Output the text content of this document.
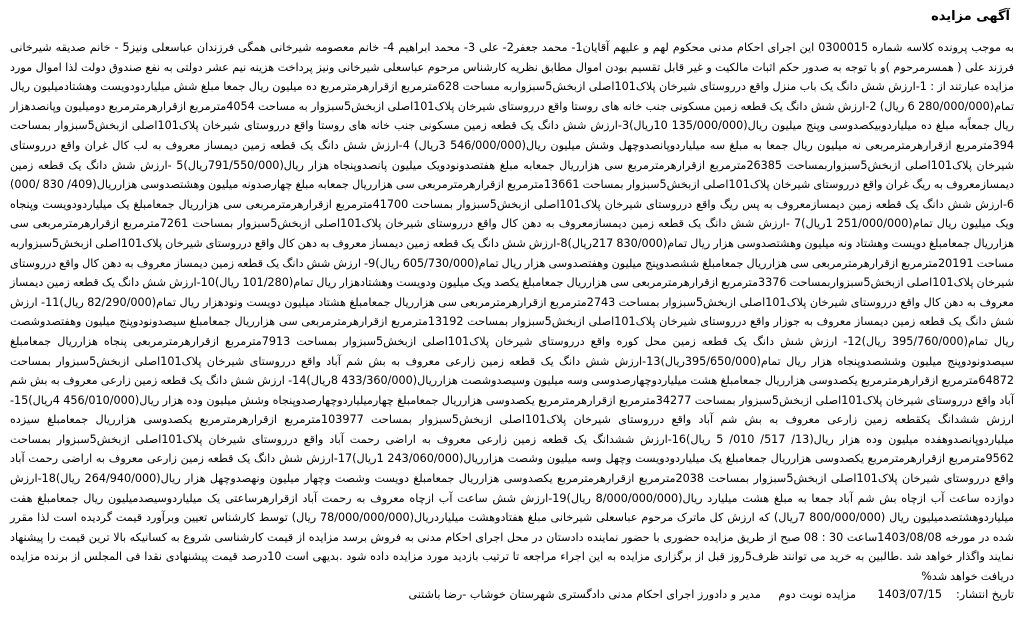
آگهی مزایده

به موجب پرونده کلاسه شماره 0300015 این اجرای احکام مدنی محکوم لهم و علیهم آقایان1- محمد جعفر2- علی 3- محمد ابراهیم 4- خانم معصومه شیرخانی همگی فرزندان عباسعلی ونیز5 - خانم صدیقه شیرخانی فرزند علی ( همسرمرحوم )و با توجه به صدور حکم اثبات مالکیت و غیر قابل تقسیم بودن اموال مطابق نظریه کارشناس مرحوم عباسعلی شیرخانی ونیز پرداخت هزینه نیم عشر دولتی به نفع صندوق دولت لذا اموال مورد مزایده عبارتند از : 1-ارزش شش دانگ یک باب منزل واقع درروستای شیرخان پلاک101اصلی ازبخش5سبزواربه مساحت 628مترمربع ازقرارهرمترمربع ده میلیون ریال جمعا مبلغ شش میلیاردودویست وهشتادمیلیون ریال تمام(280/000/000 6 ریال) 2-ارزش شش دانگ یک قطعه زمین مسکونی جنب خانه های روستا واقع درروستای شیرخان پلاک101اصلی ازبخش5سبزوار به مساحت 4054مترمربع ازقرارهرمترمربع دومیلیون وپانصدهزار ریال جمعاًبه مبلغ ده میلیاردوبیکصدوسی وپنج میلیون ریال(135/000/000 10ریال)3-ارزش شش دانگ یک قطعه زمین مسکونی جنب خانه های روستا واقع درروستای شیرخان پلاک101اصلی ازبخش5سبزوار بمساحت 394مترمربع ازقرارهرمترمربعی نه میلیون ریال جمعا به مبلغ سه میلیاردوپانصدوچهل وشش میلیون ریال(546/000/000 3ریال) 4-ارزش شش دانگ یک قطعه زمین دیمساز معروف به لب کال غران واقع درروستای شیرخان پلاک101اصلی ازبخش5سبزواربمساحت 26385مترمربع ازقرارهرمترمربع سی هزارریال جمعابه مبلغ هفتصدونودویک میلیون پانصدوپنجاه هزار ریال(791/550/000ریال)5 -ارزش شش دانگ یک قطعه زمین دیمسازمعروف به ریگ غران واقع درروستای شیرخان پلاک101اصلی ازبخش5سبزوار بمساحت 13661مترمربع ازقرارهرمترمربعی سی هزارریال جمعابه مبلغ چهارصدونه میلیون وهشتصدوسی هزارریال(409/ 830 /000) 6-ارزش شش دانگ یک قطعه زمین دیمسازمعروف به پس ریگ واقع درروستای شیرخان پلاک101اصلی ازبخش5سبزوار بمساحت 41700مترمربع ازقرارهرمترمربعی سی هزارریال جمعامبلغ یک میلیاردودویست وپنجاه ویک میلیون ریال تمام(251/000/000 1ریال)7 -ارزش شش دانگ یک قطعه زمین دیمسازمعروف به دهن کال واقع درروستای شیرخان پلاک101اصلی ازبخش5سبزوار بمساحت 7261مترمربع ازقرارهرمترمربعی سی هزارریال جمعامبلغ دویست وهشتاد ونه میلیون وهشتصدوسی هزار ریال تمام(830/000 217ریال)8-ارزش شش دانگ یک قطعه زمین دیمساز معروف به دهن کال واقع درروستای شیرخان پلاک101اصلی ازبخش5سبزواربه مساحت 20191مترمربع ازقرارهرمترمربعی سی هزارریال جمعامبلغ ششصدوپنج میلیون وهفتصدوسی هزار ریال تمام(605/730/000 ریال)9- ارزش شش دانگ یک قطعه زمین دیمساز معروف به دهن کال واقع درروستای شیرخان پلاک101اصلی ازبخش5سبزواربمساحت 3376مترمربع ازقرارهرمترمربعی سی هزارریال جمعامبلغ یکصد ویک میلیون ودویست وهشتادهزار ریال تمام(101/280 ریال)10-ارزش شش دانگ یک قطعه زمین دیمساز معروف به دهن کال واقع درروستای شیرخان پلاک101اصلی ازبخش5سبزوار بمساحت 2743مترمربع ازقرارهرمترمربعی سی هزارریال جمعامبلغ هشتاد میلیون دویست ونودهزار ریال تمام(82/290/000 ریال)11- ارزش شش دانگ یک قطعه زمین دیمساز معروف به جوزار واقع درروستای شیرخان پلاک101اصلی ازبخش5سبزوار بمساحت 13192مترمربع ازقرارهرمترمربعی سی هزارریال جمعامبلغ سیصدونودوپنج میلیون وهفتصدوشصت ریال تمام(395/760/000 ریال)12- ارزش شش دانگ یک قطعه زمین محل کوره واقع درروستای شیرخان پلاک101اصلی ازبخش5سبزوار بمساحت 7913مترمربع ازقرارهرمترمربعی پنجاه هزارریال جمعامبلغ سیصدونودوپنج میلیون وششصدوپنجاه هزار ریال تمام(395/650/000ریال)13-ارزش شش دانگ یک قطعه زمین زارعی معروف به بش شم آباد واقع درروستای شیرخان پلاک101اصلی ازبخش5سبزوار بمساحت 64872مترمربع ازقرارهرمترمربع یکصدوسی هزارریال جمعامبلغ هشت میلیاردوچهارصدوسی وسه میلیون وسیصدوشصت هزارریال(433/360/000 8ریال)14- ارزش شش دانگ یک قطعه زمین زارعی معروف به بش شم آباد واقع درروستای شیرخان پلاک101اصلی ازبخش5سبزوار بمساحت 34277مترمربع ازقرارهرمترمربع یکصدوسی هزارریال جمعامبلغ چهارمیلیاردوچهارصدوپنجاه وشش میلیون وده هزار ریال(456/010/000 4ریال)15-ارزش ششدانگ یکقطعه زمین زارعی معروف به بش شم آباد واقع درروستای شیرخان پلاک101اصلی ازبخش5سبزوار بمساحت 103977مترمربع ازقرارهرمترمربع یکصدوسی هزارریال جمعامبلغ سیزده میلیاردوپانصدوهفده میلیون وده هزار ریال(13/ 517/ 010/ 5 ریال)16-ارزش ششدانگ یک قطعه زمین زارعی معروف به اراضی رحمت آباد واقع درروستای شیرخان پلاک101اصلی ازبخش5سبزوار بمساحت 9562مترمربع ازقرارهرمترمربع یکصدوسی هزارریال جمعامبلغ یک میلیاردودویست وچهل وسه میلیون وشصت هزارریال(243/060/000 1ریال)17-ارزش شش دانگ یک قطعه زمین زارعی معروف به اراضی رحمت آباد واقع درروستای شیرخان پلاک101اصلی ازبخش5سبزوار بمساحت 2038مترمربع ازقرارهرمترمربع یکصدوسی هزارریال جمعامبلغ دویست وشصت وچهار میلیون ونهصدوچهل هزار ریال(264/940/000 ریال)18-ارزش دوازده ساعت آب ازچاه بش شم آباد جمعا به مبلغ هشت میلیارد ریال(8/000/000/000 ریال)19-ارزش شش ساعت آب ازچاه معروف به رحمت آباد ازقرارهرساعتی یک میلیاردوسیصدمیلیون ریال جمعامبلغ هفت میلیاردوهشتصدمیلیون ریال (800/000/000 7ریال) که ارزش کل ماترک مرحوم عباسعلی شیرخانی مبلغ هفتادوهشت میلیاردریال(78/000/000/000 ریال) توسط کارشناس تعیین وبرآورد قیمت گردیده است لذا مقرر شده در مورخه 1403/08/08ساعت 30 : 08 صبح از طریق مزایده حضوری با حضور نماینده دادستان در محل اجرای احکام مدنی به فروش برسد مزایده از قیمت کارشناسی شروع به کسانیکه بالا ترین قیمت را پیشنهاد نمایند واگذار خواهد شد .طالبین به خرید می توانند ظرف5روز قبل از برگزاری مزایده به این اجراء مراجعه تا ترتیب بازدید مورد مزایده داده شود .بدیهی است 10درصد قیمت پیشنهادی نقدا فی المجلس از برنده مزایده دریافت خواهد شد%

تاریخ انتشار:1403/07/15 مزایده نوبت دوم مدیر و دادورز اجرای احکام مدنی دادگستری شهرستان خوشاب -رضا باشتنی
